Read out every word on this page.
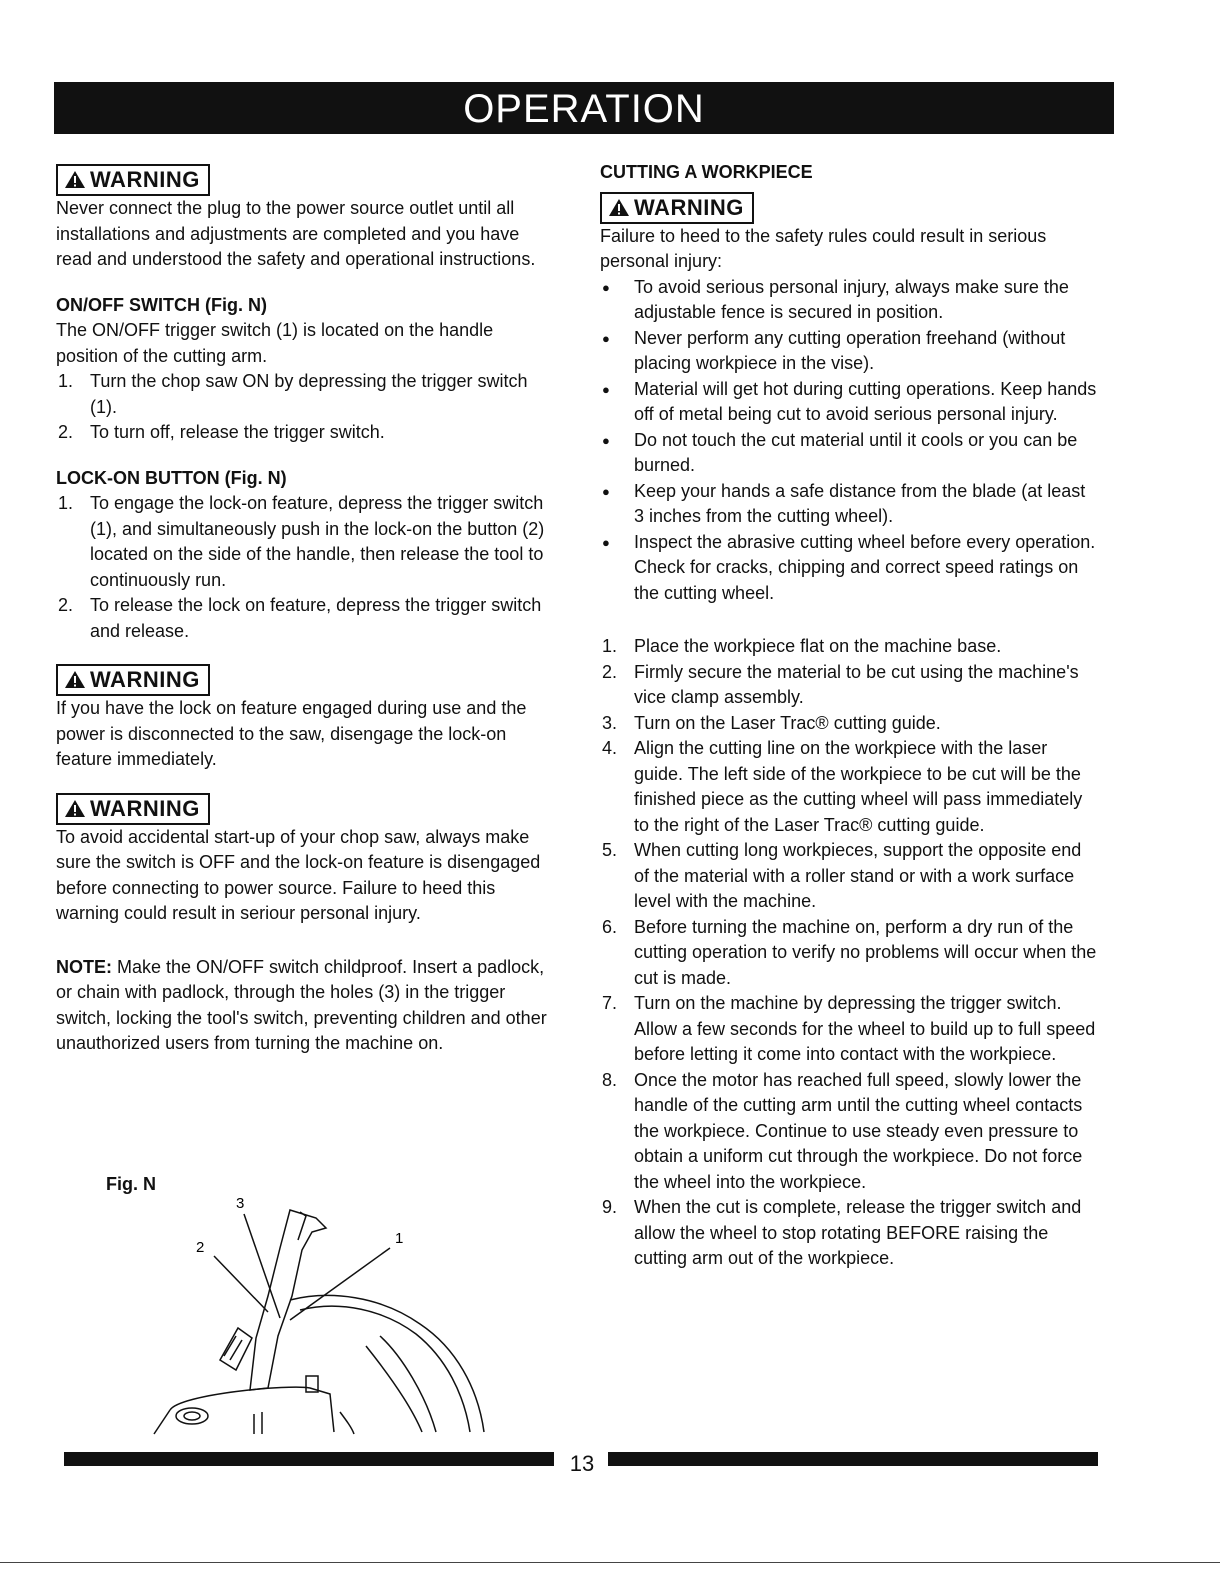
OPERATION
WARNING

Never connect the plug to the power source outlet until all installations and adjustments are completed and you have read and understood the safety and operational instructions.

ON/OFF SWITCH (Fig. N)

The ON/OFF trigger switch (1) is located on the handle position of the cutting arm.

1. Turn the chop saw ON by depressing the trigger switch (1).
2. To turn off, release the trigger switch.

LOCK-ON BUTTON (Fig. N)

1. To engage the lock-on feature, depress the trigger switch (1), and simultaneously push in the lock-on the button (2) located on the side of the handle, then release the tool to continuously run.
2. To release the lock on feature, depress the trigger switch and release.
WARNING

If you have the lock on feature engaged during use and the power is disconnected to the saw, disengage the lock-on feature immediately.

WARNING

To avoid accidental start-up of your chop saw, always make sure the switch is OFF and the lock-on feature is disengaged before connecting to power source. Failure to heed this warning could result in seriour personal injury.

NOTE: Make the ON/OFF switch childproof. Insert a padlock, or chain with padlock, through the holes (3) in the trigger switch, locking the tool's switch, preventing children and other unauthorized users from turning the machine on.

Fig. N
3
2
1

CUTTING A WORKPIECE

WARNING

Failure to heed to the safety rules could result in serious personal injury:

● To avoid serious personal injury, always make sure the adjustable fence is secured in position.
● Never perform any cutting operation freehand (without placing workpiece in the vise).
● Material will get hot during cutting operations. Keep hands off of metal being cut to avoid serious personal injury.
● Do not touch the cut material until it cools or you can be burned.
● Keep your hands a safe distance from the blade (at least 3 inches from the cutting wheel).
● Inspect the abrasive cutting wheel before every operation. Check for cracks, chipping and correct speed ratings on the cutting wheel.
1. Place the workpiece flat on the machine base.
2. Firmly secure the material to be cut using the machine's vice clamp assembly.
3. Turn on the Laser Trac® cutting guide.
4. Align the cutting line on the workpiece with the laser guide. The left side of the workpiece to be cut will be the finished piece as the cutting wheel will pass immediately to the right of the Laser Trac® cutting guide.
5. When cutting long workpieces, support the opposite end of the material with a roller stand or with a work surface level with the machine.
6. Before turning the machine on, perform a dry run of the cutting operation to verify no problems will occur when the cut is made.
7. Turn on the machine by depressing the trigger switch. Allow a few seconds for the wheel to build up to full speed before letting it come into contact with the workpiece.
8. Once the motor has reached full speed, slowly lower the handle of the cutting arm until the cutting wheel contacts the workpiece. Continue to use steady even pressure to obtain a uniform cut through the workpiece. Do not force the wheel into the workpiece.
9. When the cut is complete, release the trigger switch and allow the wheel to stop rotating BEFORE raising the cutting arm out of the workpiece.
13
